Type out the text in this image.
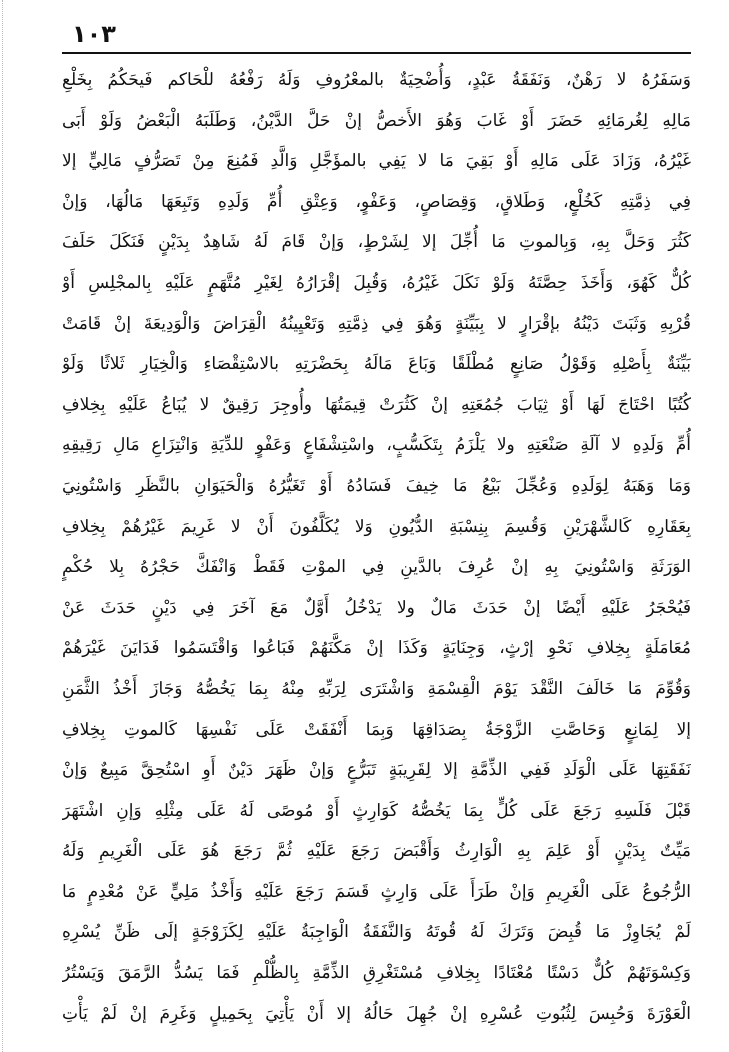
١٠٣
وَسَفَرُهُ لا رَهْنٌ، وَنَفَقَةُ عَبْدٍ، وَأُضْحِيَةٌ بالمعْرُوفِ وَلَهُ رَفْعُهُ للْحَاكم فَيحَكُمُ بِخَلْعِ
مَالِهِ لِغُرمَائِهِ حَضَرَ أَوْ غَابَ وَهُوَ الأَخصُّ إنْ حَلَّ الدَّيْنُ، وَطَلَبَهُ الْبَعْضُ وَلَوْ أَبَى
غَيْرُهُ، وَزَادَ عَلَى مَالِهِ أَوْ بَقِيَ مَا لا يَفِي بالمؤَجَّلِ وَالَّدِ فَمُنِعَ مِنْ تَصَرُّفٍ مَالِيٍّ إلا
فِي ذِمَّتِهِ كَخُلْعٍ، وَطَلاقٍ، وَقِصَاصٍ، وَعَفْوٍ، وَعِتْقِ أُمِّ وَلَدِهِ وَتَبِعَهَا مَالُهَا، وَإنْ
كَثُرَ وَحَلَّ بِهِ، وَبِالموتِ مَا أُجِّلَ إلا لِشَرْطٍ، وَإنْ قَامَ لَهُ شَاهِدٌ بِدَيْنٍ فَنَكَلَ حَلَفَ
كُلٌّ كَهُوَ، وَأَخَذَ حِصَّتَهُ وَلَوْ نَكَلَ غَيْرُهُ، وَقُبِلَ إقْرَارُهُ لِغَيْرِ مُتَّهَمٍ عَلَيْهِ بِالمجْلِسِ أَوْ
قُرْبِهِ وَثَبَتَ دَيْنُهُ بإقْرَارٍ لا بِبَيِّنَةٍ وَهُوَ فِي ذِمَّتِهِ وَتَعْيِينُهُ الْقِرَاضَ وَالْوَدِيعَةَ إنْ قَامَتْ
بَيِّنَةٌ بِأَصْلِهِ وَقَوْلُ صَانِعٍ مُطْلَقًا وَبَاعَ مَالَهُ بِحَضْرَتِهِ بالاسْتِقْصَاءِ وَالْخِيَارِ ثَلاثًا وَلَوْ
كُتُبًا احْتَاجَ لَهَا أَوْ ثِيَابَ جُمُعَتِهِ إنْ كَثُرَتْ قِيمَتُهَا وأُوجِرَ رَقِيقٌ لا يُبَاعُ عَلَيْهِ بِخِلافِ
أُمِّ وَلَدِهِ لا آلَةِ صَنْعَتِهِ ولا يَلْزَمُ بِتَكَسُّبٍ، واسْتِشْفَاعٍ وَعَفْوٍ للدِّيَةِ وَانْتِزَاعِ مَالِ رَقِيقِهِ
وَمَا وَهَبَهُ لِوَلَدِهِ وَعُجِّلَ بَيْعُ مَا خِيفَ فَسَادُهُ أَوْ تَغَيُّرُهُ وَالْحَيَوَانِ بالنَّظَرِ وَاسْتُونِيَ
بِعَقَارِهِ كَالشَّهْرَيْنِ وَقُسِمَ بِنِسْبَةِ الدُّيُونِ وَلا يُكَلَّفُونَ أَنْ لا غَرِيمَ غَيْرُهُمْ بِخِلافِ
الوَرَثَةِ وَاسْتُونِيَ بِهِ إنْ عُرِفَ بالدَّينِ فِي الموْتِ فَقَطْ وَانْفَكَّ حَجْرُهُ بِلا حُكْمٍ
فَيُحْجَرُ عَلَيْهِ أَيْضًا إنْ حَدَثَ مَالٌ ولا يَدْخُلُ أَوَّلٌ مَعَ آخَرَ فِي دَيْنٍ حَدَثَ عَنْ
مُعَامَلَةٍ بِخِلافِ نَحْوِ إرْثٍ، وَجِنَايَةٍ وَكَذَا إنْ مَكَّنَهُمْ فَبَاعُوا وَاقْتَسَمُوا فَدَايَنَ غَيْرَهُمْ
وَقُوِّمَ مَا خَالَفَ النَّقْدَ يَوْمَ الْقِسْمَةِ وَاشْتَرَى لِرَبِّهِ مِنْهُ بِمَا يَخُصُّهُ وَجَازَ أَخْذُ الثَّمَنِ
إلا لِمَانِعٍ وَحَاصَّتِ الزَّوْجَةُ بِصَدَاقِهَا وَبِمَا أَنْفَقَتْ عَلَى نَفْسِهَا كَالموتِ بِخِلافِ
نَفَقَتِهَا عَلَى الْوَلَدِ فَفِي الذِّمَّةِ إلا لِقَرِيبَةٍ تَبَرُّعٍ وَإنْ ظَهَرَ دَيْنٌ أَوِ اسْتُحِقَّ مَبِيعٌ وَإنْ
قَبْلَ فَلَسِهِ رَجَعَ عَلَى كُلٍّ بِمَا يَخُصُّهُ كَوَارِثٍ أَوْ مُوصًى لَهُ عَلَى مِثْلِهِ وَإنِ اشْتَهَرَ
مَيِّتٌ بِدَيْنٍ أَوْ عَلِمَ بِهِ الْوَارِثُ وَأَقْبَضَ رَجَعَ عَلَيْهِ ثُمَّ رَجَعَ هُوَ عَلَى الْغَرِيمِ وَلَهُ
الرُّجُوعُ عَلَى الْغَرِيمِ وَإنْ طَرَأَ عَلَى وَارِثٍ قَسَمَ رَجَعَ عَلَيْهِ وَأَخْذُ مَلِيٍّ عَنْ مُعْدِمٍ مَا
لَمْ يُجَاوِزْ مَا قُبِضَ وَتَرَكَ لَهُ قُوتَهُ وَالنَّفَقَةُ الْوَاجِبَةُ عَلَيْهِ لِكَزَوْجَةٍ إلَى ظَنِّ يُسْرِهِ
وَكِسْوَتَهُمْ كُلٌّ دَسْتًا مُعْتَادًا بِخِلافِ مُسْتَغْرِقِ الذِّمَّةِ بِالظُّلْمِ فَمَا يَسُدُّ الرَّمَقَ وَيَسْتُرُ
الْعَوْرَةَ وَحُبِسَ لِثُبُوتِ عُسْرِهِ إنْ جُهِلَ حَالُهُ إلا أَنْ يَأْتِيَ بِحَمِيلٍ وَغَرِمَ إنْ لَمْ يَأْتِ
